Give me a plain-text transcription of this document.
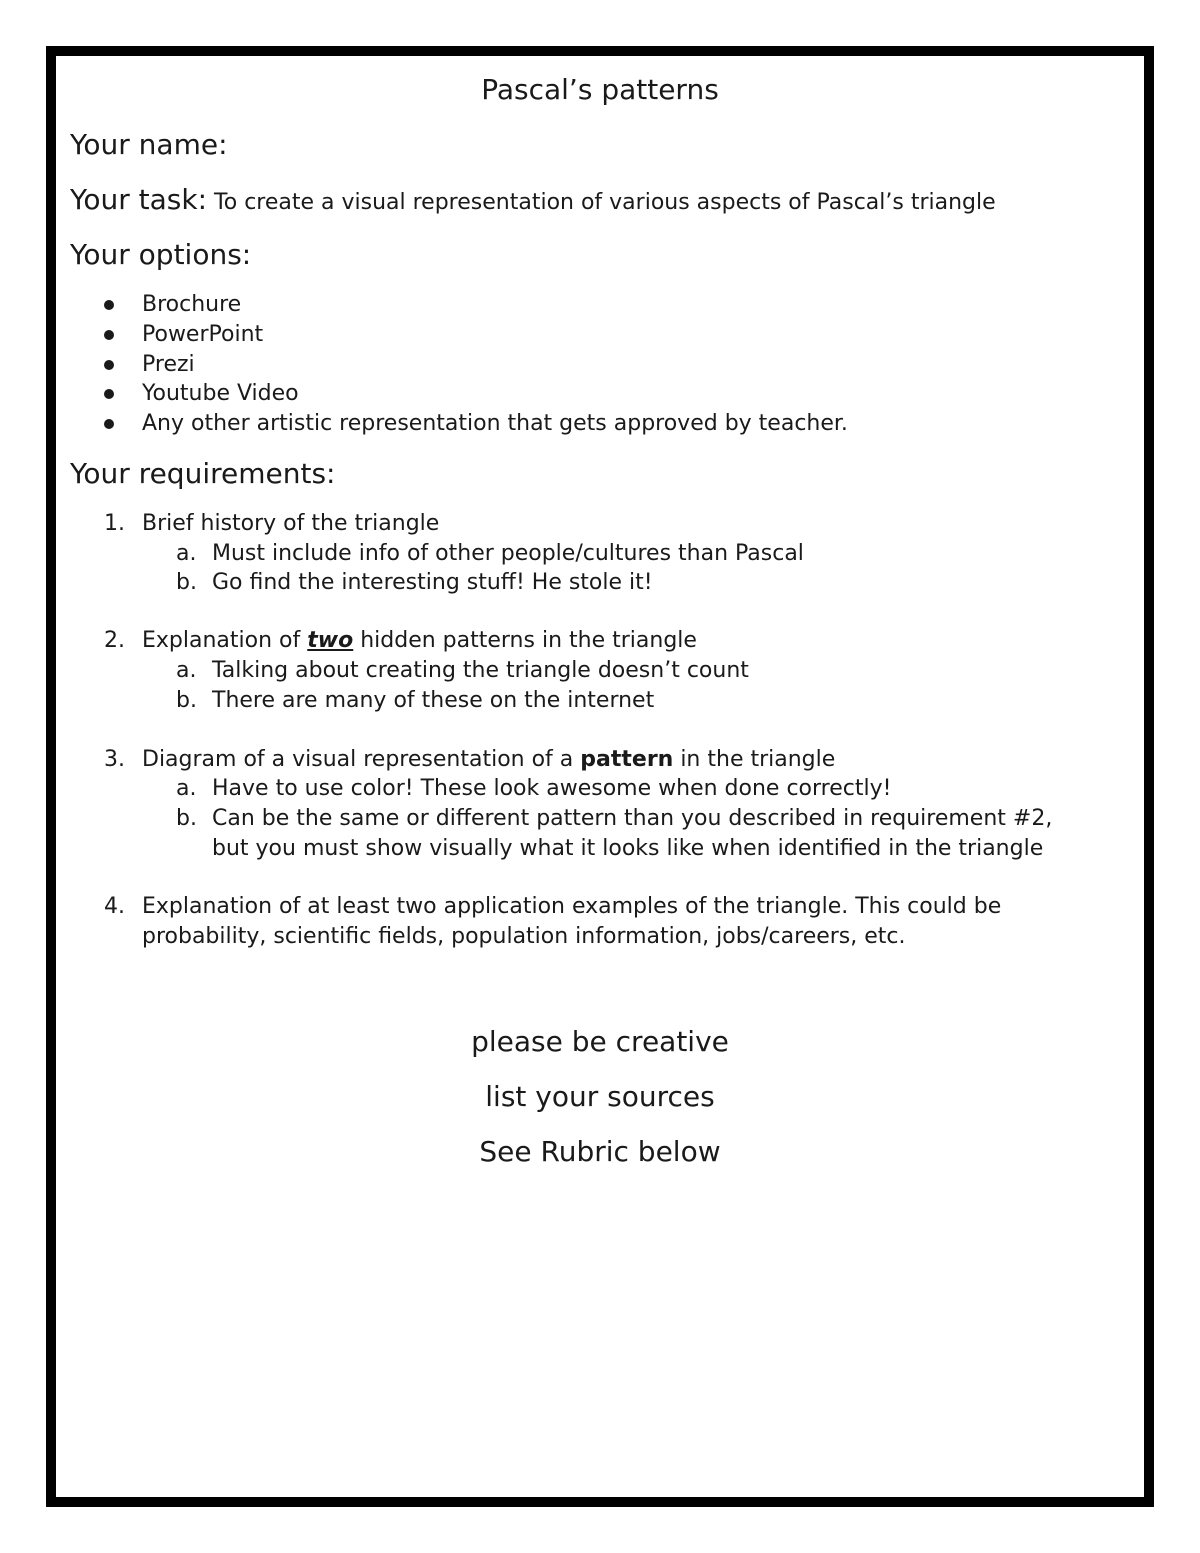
Pascal’s patterns
Your name:
Your task: To create a visual representation of various aspects of Pascal’s triangle
Your options:
Brochure
PowerPoint
Prezi
Youtube Video
Any other artistic representation that gets approved by teacher.
Your requirements:
1. Brief history of the triangle
a. Must include info of other people/cultures than Pascal
b. Go find the interesting stuff! He stole it!
2. Explanation of two hidden patterns in the triangle
a. Talking about creating the triangle doesn’t count
b. There are many of these on the internet
3. Diagram of a visual representation of a pattern in the triangle
a. Have to use color! These look awesome when done correctly!
b. Can be the same or different pattern than you described in requirement #2,
but you must show visually what it looks like when identified in the triangle
4. Explanation of at least two application examples of the triangle. This could be
probability, scientific fields, population information, jobs/careers, etc.
please be creative
list your sources
See Rubric below
